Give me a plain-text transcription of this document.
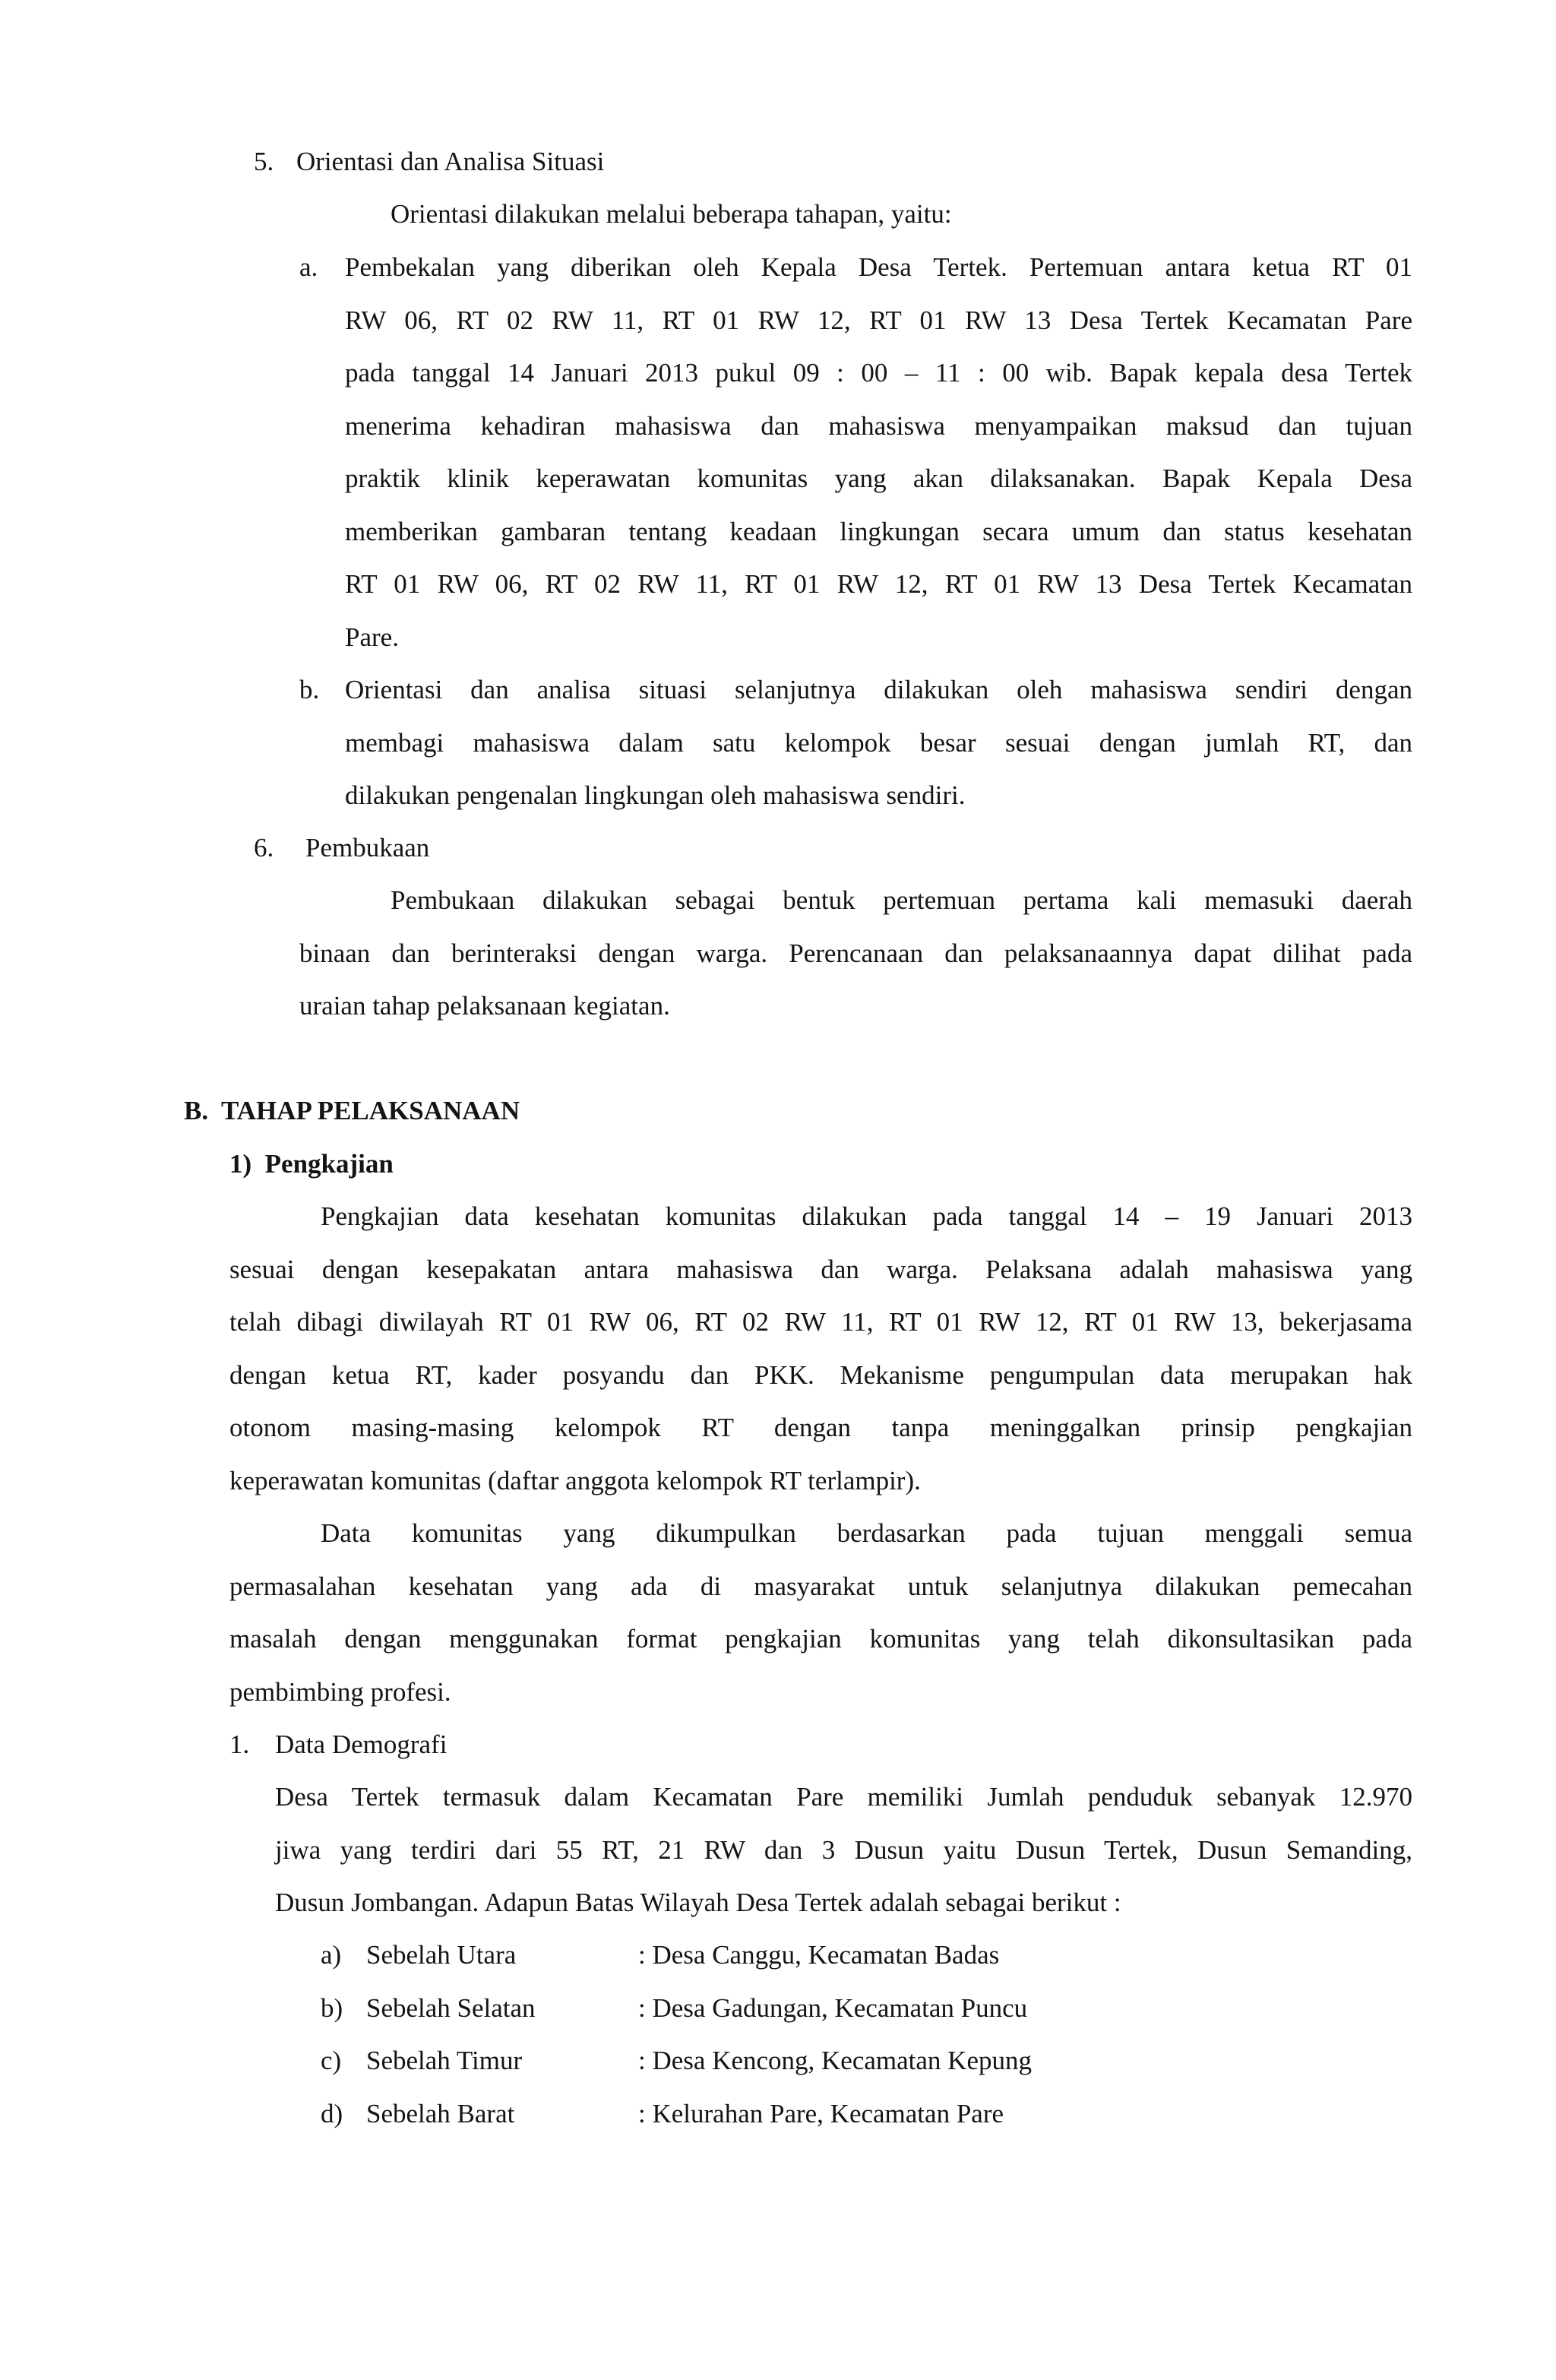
5. Orientasi dan Analisa Situasi
Orientasi dilakukan melalui beberapa tahapan, yaitu:
a. Pembekalan yang diberikan oleh Kepala Desa Tertek. Pertemuan antara ketua RT 01
RW 06, RT 02 RW 11, RT 01 RW 12, RT 01 RW 13 Desa Tertek Kecamatan Pare
pada tanggal 14 Januari 2013 pukul 09 : 00 – 11 : 00 wib. Bapak kepala desa Tertek
menerima kehadiran mahasiswa dan mahasiswa menyampaikan maksud dan tujuan
praktik klinik keperawatan komunitas yang akan dilaksanakan. Bapak Kepala Desa
memberikan gambaran tentang keadaan lingkungan secara umum dan status kesehatan
RT 01 RW 06, RT 02 RW 11, RT 01 RW 12, RT 01 RW 13 Desa Tertek Kecamatan
Pare.
b. Orientasi dan analisa situasi selanjutnya dilakukan oleh mahasiswa sendiri dengan
membagi mahasiswa dalam satu kelompok besar sesuai dengan jumlah RT, dan
dilakukan pengenalan lingkungan oleh mahasiswa sendiri.
6. Pembukaan
Pembukaan dilakukan sebagai bentuk pertemuan pertama kali memasuki daerah
binaan dan berinteraksi dengan warga. Perencanaan dan pelaksanaannya dapat dilihat pada
uraian tahap pelaksanaan kegiatan.
B.  TAHAP PELAKSANAAN
1)  Pengkajian
Pengkajian data kesehatan komunitas dilakukan pada tanggal 14 – 19 Januari 2013
sesuai dengan kesepakatan antara mahasiswa dan warga. Pelaksana adalah mahasiswa yang
telah dibagi diwilayah RT 01 RW 06, RT 02 RW 11, RT 01 RW 12, RT 01 RW 13, bekerjasama
dengan ketua RT, kader posyandu dan PKK. Mekanisme pengumpulan data merupakan hak
otonom masing-masing kelompok RT dengan tanpa meninggalkan prinsip pengkajian
keperawatan komunitas (daftar anggota kelompok RT terlampir).
Data komunitas yang dikumpulkan berdasarkan pada tujuan menggali semua
permasalahan kesehatan yang ada di masyarakat untuk selanjutnya dilakukan pemecahan
masalah dengan menggunakan format pengkajian komunitas yang telah dikonsultasikan pada
pembimbing profesi.
1. Data Demografi
Desa Tertek termasuk dalam Kecamatan Pare memiliki Jumlah penduduk sebanyak 12.970
jiwa yang terdiri dari 55 RT, 21 RW dan 3 Dusun yaitu Dusun Tertek, Dusun Semanding,
Dusun Jombangan. Adapun Batas Wilayah Desa Tertek adalah sebagai berikut :
a) Sebelah Utara	: Desa Canggu, Kecamatan Badas
b) Sebelah Selatan	: Desa Gadungan, Kecamatan Puncu
c) Sebelah Timur	: Desa Kencong, Kecamatan Kepung
d) Sebelah Barat	: Kelurahan Pare, Kecamatan Pare
